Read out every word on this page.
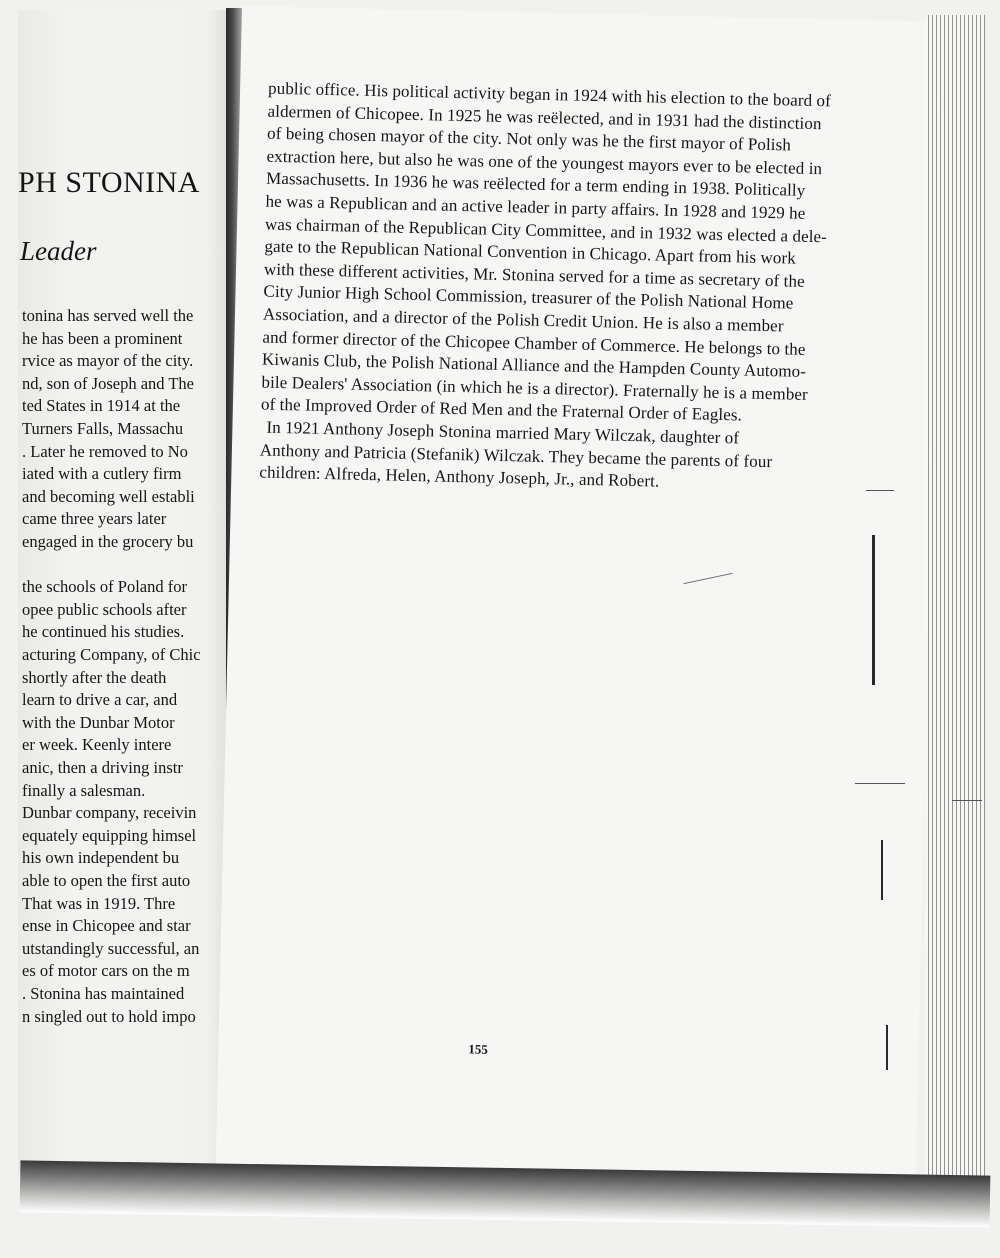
PH STONINA
Leader
tonina has served well the
he has been a prominent
rvice as mayor of the city.
nd, son of Joseph and The
ted States in 1914 at the
Turners Falls, Massachu
. Later he removed to No
iated with a cutlery firm
and becoming well establi
came three years later
engaged in the grocery bu
the schools of Poland for
opee public schools after
he continued his studies.
acturing Company, of Chic
shortly after the death
learn to drive a car, and
with the Dunbar Motor
er week. Keenly intere
anic, then a driving instr
finally a salesman.
Dunbar company, receivin
equately equipping himsel
his own independent bu
able to open the first auto
That was in 1919. Thre
ense in Chicopee and star
utstandingly successful, an
es of motor cars on the m
. Stonina has maintained
n singled out to hold impo
public office. His political activity began in 1924 with his election to the board of
aldermen of Chicopee. In 1925 he was reëlected, and in 1931 had the distinction
of being chosen mayor of the city. Not only was he the first mayor of Polish
extraction here, but also he was one of the youngest mayors ever to be elected in
Massachusetts. In 1936 he was reëlected for a term ending in 1938. Politically
he was a Republican and an active leader in party affairs. In 1928 and 1929 he
was chairman of the Republican City Committee, and in 1932 was elected a dele-
gate to the Republican National Convention in Chicago. Apart from his work
with these different activities, Mr. Stonina served for a time as secretary of the
City Junior High School Commission, treasurer of the Polish National Home
Association, and a director of the Polish Credit Union. He is also a member
and former director of the Chicopee Chamber of Commerce. He belongs to the
Kiwanis Club, the Polish National Alliance and the Hampden County Automo-
bile Dealers' Association (in which he is a director). Fraternally he is a member
of the Improved Order of Red Men and the Fraternal Order of Eagles.
In 1921 Anthony Joseph Stonina married Mary Wilczak, daughter of
Anthony and Patricia (Stefanik) Wilczak. They became the parents of four
children: Alfreda, Helen, Anthony Joseph, Jr., and Robert.
155
